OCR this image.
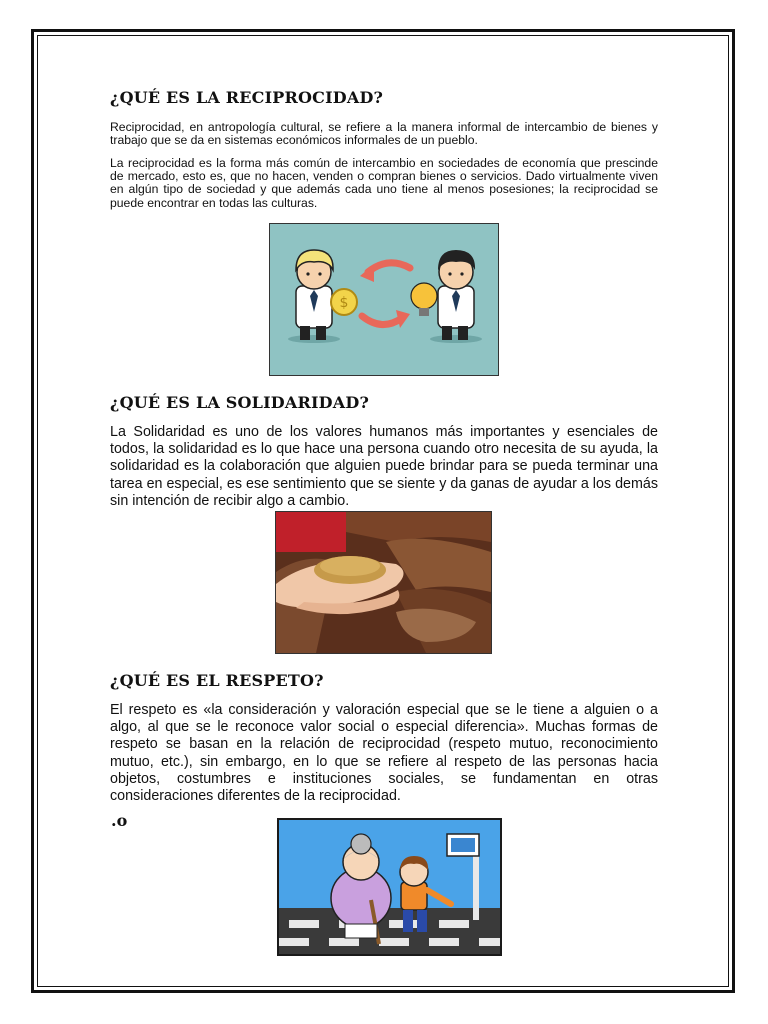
¿QUÉ ES LA RECIPROCIDAD?

Reciprocidad, en antropología cultural, se refiere a la manera informal de intercambio de bienes y trabajo que se da en sistemas económicos informales de un pueblo.

La reciprocidad es la forma más común de intercambio en sociedades de economía que prescinde de mercado, esto es, que no hacen, venden o compran bienes o servicios. Dado virtualmente viven en algún tipo de sociedad y que además cada uno tiene al menos posesiones; la reciprocidad se puede encontrar en todas las culturas.

$
¿QUÉ ES LA SOLIDARIDAD?

La Solidaridad es uno de los valores humanos más importantes y esenciales de todos, la solidaridad es lo que hace una persona cuando otro necesita de su ayuda, la solidaridad es la colaboración que alguien puede brindar para se pueda terminar una tarea en especial, es ese sentimiento que se siente y da ganas de ayudar a los demás sin intención de recibir algo a cambio.

¿QUÉ ES EL RESPETO?

El respeto es «la consideración y valoración especial que se le tiene a alguien o a algo, al que se le reconoce valor social o especial diferencia». Muchas formas de respeto se basan en la relación de reciprocidad (respeto mutuo, reconocimiento mutuo, etc.), sin embargo, en lo que se refiere al respeto de las personas hacia objetos, costumbres e instituciones sociales, se fundamentan en otras consideraciones diferentes de la reciprocidad.

.o
